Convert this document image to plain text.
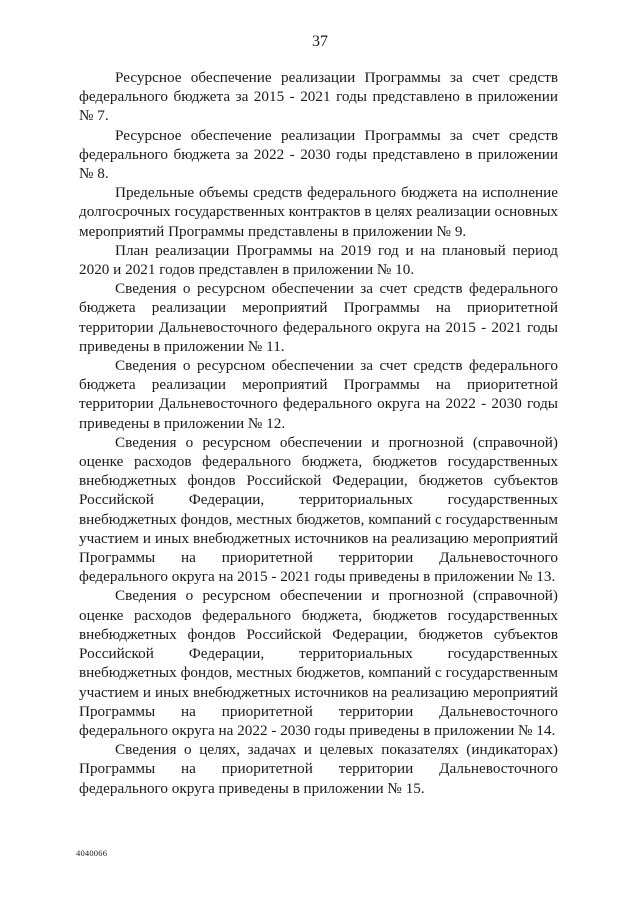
37

Ресурсное обеспечение реализации Программы за счет средств федерального бюджета за 2015 - 2021 годы представлено в приложении № 7.

Ресурсное обеспечение реализации Программы за счет средств федерального бюджета за 2022 - 2030 годы представлено в приложении № 8.

Предельные объемы средств федерального бюджета на исполнение долгосрочных государственных контрактов в целях реализации основных мероприятий Программы представлены в приложении № 9.

План реализации Программы на 2019 год и на плановый период 2020 и 2021 годов представлен в приложении № 10.

Сведения о ресурсном обеспечении за счет средств федерального бюджета реализации мероприятий Программы на приоритетной территории Дальневосточного федерального округа на 2015 - 2021 годы приведены в приложении № 11.

Сведения о ресурсном обеспечении за счет средств федерального бюджета реализации мероприятий Программы на приоритетной территории Дальневосточного федерального округа на 2022 - 2030 годы приведены в приложении № 12.

Сведения о ресурсном обеспечении и прогнозной (справочной) оценке расходов федерального бюджета, бюджетов государственных внебюджетных фондов Российской Федерации, бюджетов субъектов Российской Федерации, территориальных государственных внебюджетных фондов, местных бюджетов, компаний с государственным участием и иных внебюджетных источников на реализацию мероприятий Программы на приоритетной территории Дальневосточного федерального округа на 2015 - 2021 годы приведены в приложении № 13.

Сведения о ресурсном обеспечении и прогнозной (справочной) оценке расходов федерального бюджета, бюджетов государственных внебюджетных фондов Российской Федерации, бюджетов субъектов Российской Федерации, территориальных государственных внебюджетных фондов, местных бюджетов, компаний с государственным участием и иных внебюджетных источников на реализацию мероприятий Программы на приоритетной территории Дальневосточного федерального округа на 2022 - 2030 годы приведены в приложении № 14.

Сведения о целях, задачах и целевых показателях (индикаторах) Программы на приоритетной территории Дальневосточного федерального округа приведены в приложении № 15.

4040066
